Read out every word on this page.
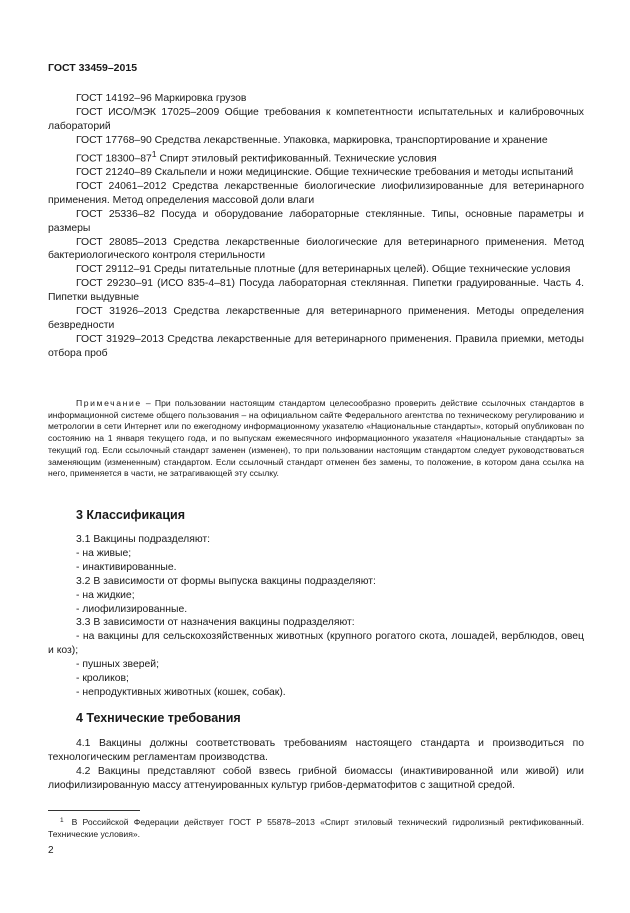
ГОСТ 33459–2015

ГОСТ 14192–96 Маркировка грузов

ГОСТ ИСО/МЭК 17025–2009 Общие требования к компетентности испытательных и калибровочных лабораторий

ГОСТ 17768–90 Средства лекарственные. Упаковка, маркировка, транспортирование и хранение

ГОСТ $18300-87^1$ Спирт этиловый ректификованный. Технические условия

ГОСТ 21240–89 Скальпели и ножи медицинские. Общие технические требования и методы испытаний

ГОСТ 24061–2012 Средства лекарственные биологические лиофилизированные для ветеринарного применения. Метод определения массовой доли влаги

ГОСТ 25336–82 Посуда и оборудование лабораторные стеклянные. Типы, основные параметры и размеры

ГОСТ 28085–2013 Средства лекарственные биологические для ветеринарного применения. Метод бактериологического контроля стерильности

ГОСТ 29112–91 Среды питательные плотные (для ветеринарных целей). Общие технические условия

ГОСТ 29230–91 (ИСО 835-4–81) Посуда лабораторная стеклянная. Пипетки градуированные. Часть 4. Пипетки выдувные

ГОСТ 31926–2013 Средства лекарственные для ветеринарного применения. Методы определения безвредности

ГОСТ 31929–2013 Средства лекарственные для ветеринарного применения. Правила приемки, методы отбора проб

Примечание – При пользовании настоящим стандартом целесообразно проверить действие ссылочных стандартов в информационной системе общего пользования – на официальном сайте Федерального агентства по техническому регулированию и метрологии в сети Интернет или по ежегодному информационному указателю «Национальные стандарты», который опубликован по состоянию на 1 января текущего года, и по выпускам ежемесячного информационного указателя «Национальные стандарты» за текущий год. Если ссылочный стандарт заменен (изменен), то при пользовании настоящим стандартом следует руководствоваться заменяющим (измененным) стандартом. Если ссылочный стандарт отменен без замены, то положение, в котором дана ссылка на него, применяется в части, не затрагивающей эту ссылку.

3 Классификация

3.1 Вакцины подразделяют:

- на живые;

- инактивированные.

3.2 В зависимости от формы выпуска вакцины подразделяют:

- на жидкие;

- лиофилизированные.

3.3 В зависимости от назначения вакцины подразделяют:

- на вакцины для сельскохозяйственных животных (крупного рогатого скота, лошадей, верблюдов, овец и коз);

- пушных зверей;

- кроликов;

- непродуктивных животных (кошек, собак).

4 Технические требования

4.1 Вакцины должны соответствовать требованиям настоящего стандарта и производиться по технологическим регламентам производства.

4.2 Вакцины представляют собой взвесь грибной биомассы (инактивированной или живой) или лиофилизированную массу аттенуированных культур грибов-дерматофитов с защитной средой.

$^1$ В Российской Федерации действует ГОСТ Р 55878–2013 «Спирт этиловый технический гидролизный ректификованный. Технические условия».

2
